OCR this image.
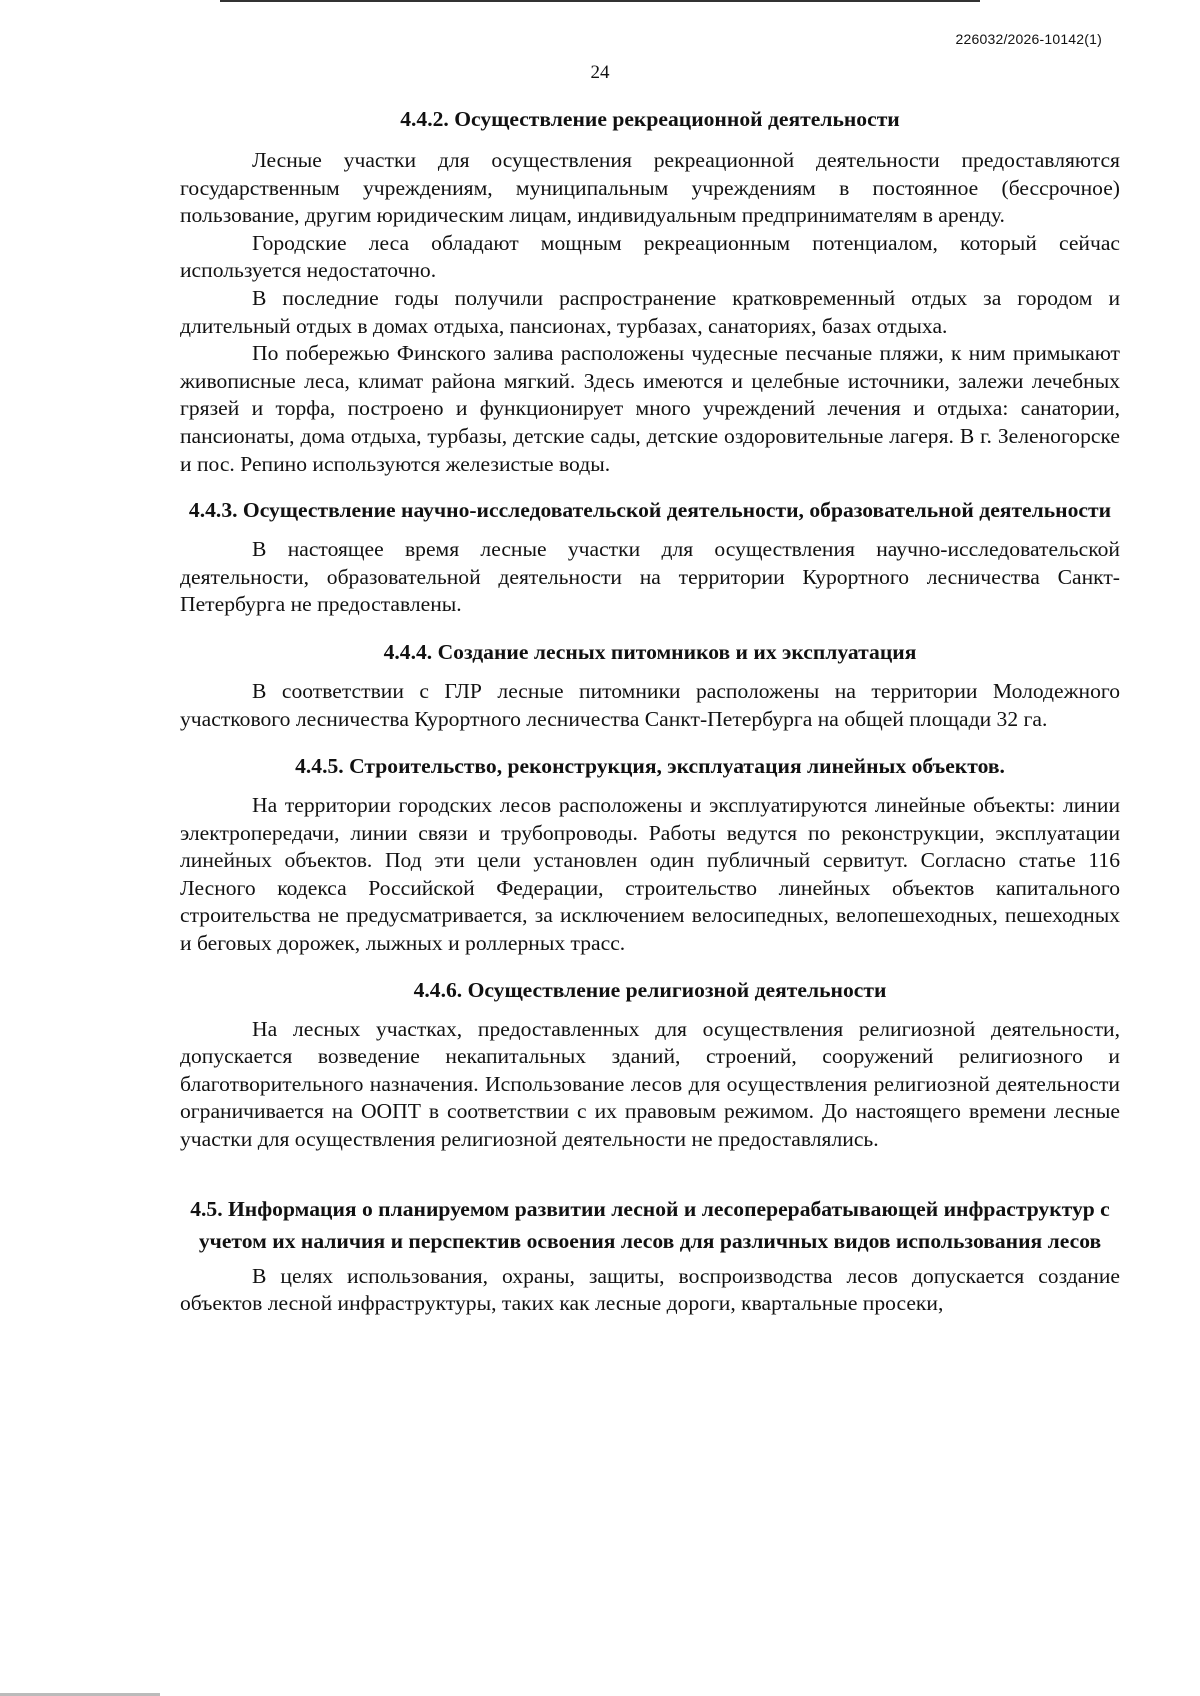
226032/2026-10142(1)
24
4.4.2. Осуществление рекреационной деятельности

Лесные участки для осуществления рекреационной деятельности предоставляются государственным учреждениям, муниципальным учреждениям в постоянное (бессрочное) пользование, другим юридическим лицам, индивидуальным предпринимателям в аренду.

Городские леса обладают мощным рекреационным потенциалом, который сейчас используется недостаточно.

В последние годы получили распространение кратковременный отдых за городом и длительный отдых в домах отдыха, пансионах, турбазах, санаториях, базах отдыха.

По побережью Финского залива расположены чудесные песчаные пляжи, к ним примыкают живописные леса, климат района мягкий. Здесь имеются и целебные источники, залежи лечебных грязей и торфа, построено и функционирует много учреждений лечения и отдыха: санатории, пансионаты, дома отдыха, турбазы, детские сады, детские оздоровительные лагеря. В г. Зеленогорске и пос. Репино используются железистые воды.

4.4.3. Осуществление научно-исследовательской деятельности, образовательной деятельности

В настоящее время лесные участки для осуществления научно-исследовательской деятельности, образовательной деятельности на территории Курортного лесничества Санкт-Петербурга не предоставлены.

4.4.4. Создание лесных питомников и их эксплуатация

В соответствии с ГЛР лесные питомники расположены на территории Молодежного участкового лесничества Курортного лесничества Санкт-Петербурга на общей площади 32 га.

4.4.5. Строительство, реконструкция, эксплуатация линейных объектов.

На территории городских лесов расположены и эксплуатируются линейные объекты: линии электропередачи, линии связи и трубопроводы. Работы ведутся по реконструкции, эксплуатации линейных объектов. Под эти цели установлен один публичный сервитут. Согласно статье 116 Лесного кодекса Российской Федерации, строительство линейных объектов капитального строительства не предусматривается, за исключением велосипедных, велопешеходных, пешеходных и беговых дорожек, лыжных и роллерных трасс.

4.4.6. Осуществление религиозной деятельности

На лесных участках, предоставленных для осуществления религиозной деятельности, допускается возведение некапитальных зданий, строений, сооружений религиозного и благотворительного назначения. Использование лесов для осуществления религиозной деятельности ограничивается на ООПТ в соответствии с их правовым режимом. До настоящего времени лесные участки для осуществления религиозной деятельности не предоставлялись.

4.5. Информация о планируемом развитии лесной и лесоперерабатывающей инфраструктур с учетом их наличия и перспектив освоения лесов для различных видов использования лесов

В целях использования, охраны, защиты, воспроизводства лесов допускается создание объектов лесной инфраструктуры, таких как лесные дороги, квартальные просеки,
